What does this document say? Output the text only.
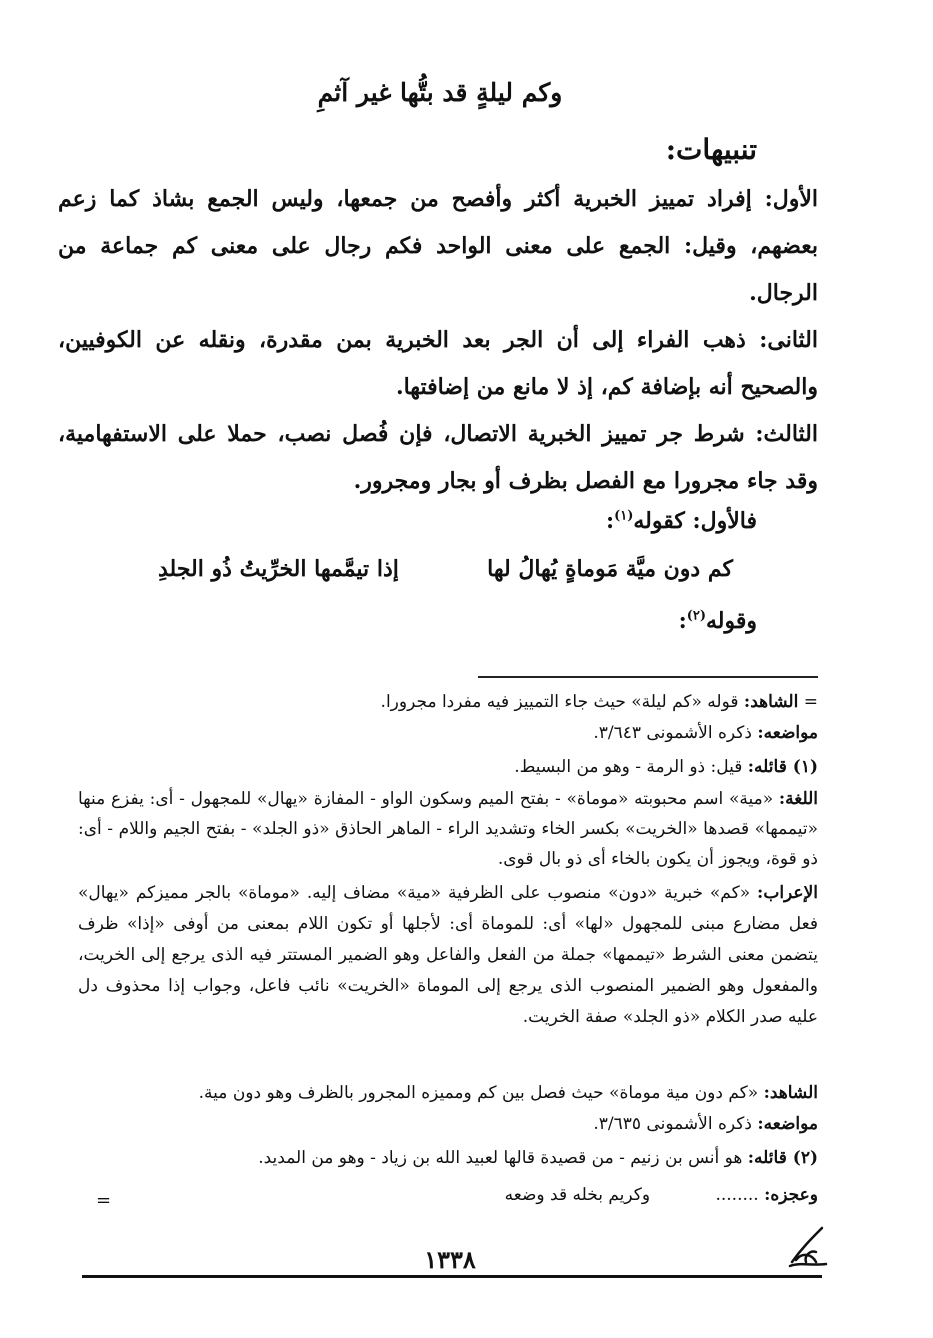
وكم ليلةٍ قد بتُّها غير آثمِ
تنبيهات:
الأول: إفراد تمييز الخبرية أكثر وأفصح من جمعها، وليس الجمع بشاذ كما زعم بعضهم، وقيل: الجمع على معنى الواحد فكم رجال على معنى كم جماعة من الرجال.
الثانى: ذهب الفراء إلى أن الجر بعد الخبرية بمن مقدرة، ونقله عن الكوفيين، والصحيح أنه بإضافة كم، إذ لا مانع من إضافتها.
الثالث: شرط جر تمييز الخبرية الاتصال، فإن فُصل نصب، حملا على الاستفهامية، وقد جاء مجرورا مع الفصل بظرف أو بجار ومجرور.
فالأول: كقوله$^{(١)}$:
كم دون ميَّة مَوماةٍ يُهالُ لها
إذا تيمَّمها الخرِّيتُ ذُو الجلدِ
وقوله$^{(٢)}$:
= الشاهد: قوله «كم ليلة» حيث جاء التمييز فيه مفردا مجرورا.
مواضعه: ذكره الأشمونى ٣/٦٤٣.
(١) قائله: قيل: ذو الرمة - وهو من البسيط.
اللغة: «مية» اسم محبوبته «موماة» - بفتح الميم وسكون الواو - المفازة «يهال» للمجهول - أى: يفزع منها «تيممها» قصدها «الخريت» بكسر الخاء وتشديد الراء - الماهر الحاذق «ذو الجلد» - بفتح الجيم واللام - أى: ذو قوة، ويجوز أن يكون بالخاء أى ذو بال قوى.
الإعراب: «كم» خبرية «دون» منصوب على الظرفية «مية» مضاف إليه. «موماة» بالجر مميزكم «يهال» فعل مضارع مبنى للمجهول «لها» أى: للموماة أى: لأجلها أو تكون اللام بمعنى من أوفى «إذا» ظرف يتضمن معنى الشرط «تيممها» جملة من الفعل والفاعل وهو الضمير المستتر فيه الذى يرجع إلى الخريت، والمفعول وهو الضمير المنصوب الذى يرجع إلى الموماة «الخريت» نائب فاعل، وجواب إذا محذوف دل عليه صدر الكلام «ذو الجلد» صفة الخريت.
الشاهد: «كم دون مية موماة» حيث فصل بين كم ومميزه المجرور بالظرف وهو دون مية.
مواضعه: ذكره الأشمونى ٣/٦٣٥.
(٢) قائله: هو أنس بن زنيم - من قصيدة قالها لعبيد الله بن زياد - وهو من المديد.
وعجزه: ........ وكريم بخله قد وضعه
=
١٣٣٨
